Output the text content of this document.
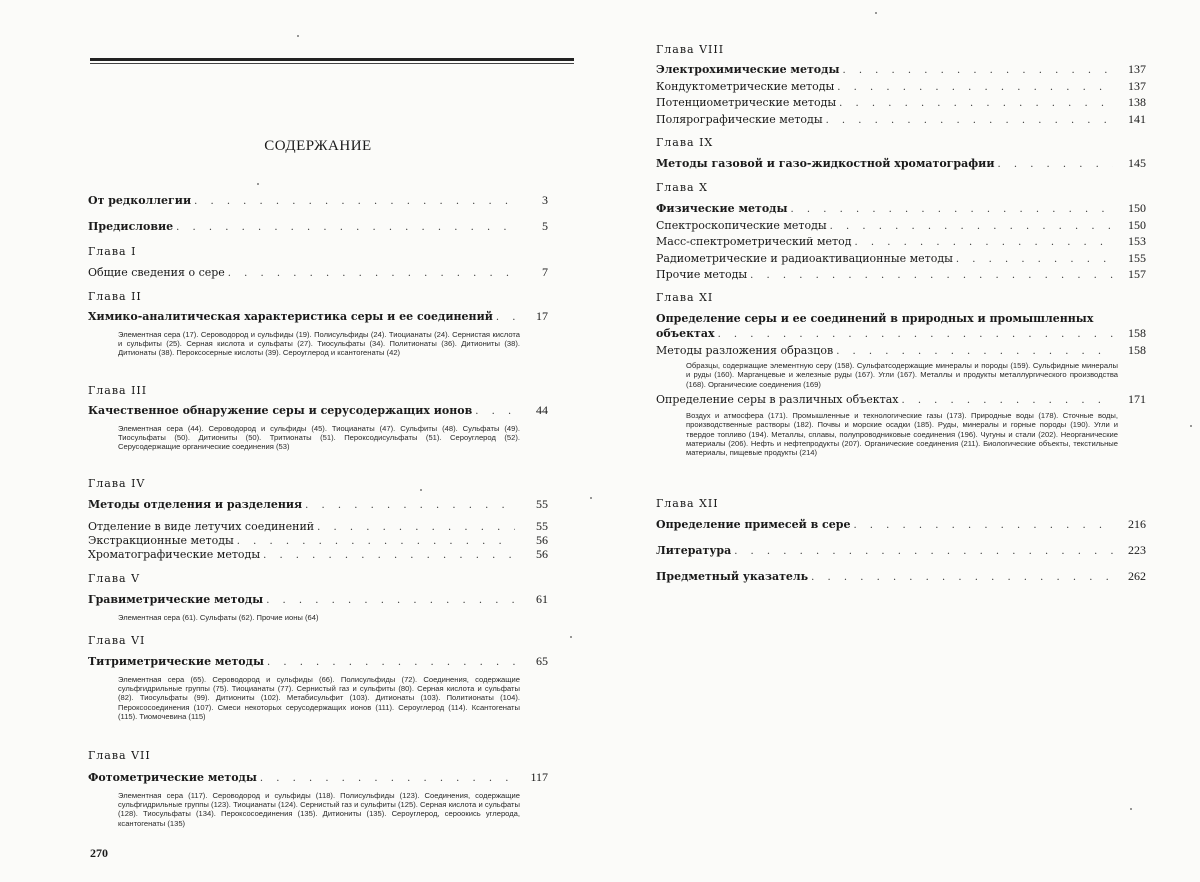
СОДЕРЖАНИЕ
От редколлегии . . .	3
Предисловие . . .	5
Глава I
Общие сведения о сере . . .	7
Глава II
Химико-аналитическая характеристика серы и ее соединений . . .	17
Элементная сера (17). Сероводород и сульфиды (19). Полисульфиды (24). Тиоцианаты (24). Сернистая кислота и сульфиты (25). Серная кислота и сульфаты (27). Тиосульфаты (34). Политионаты (36). Дитиониты (38). Дитионаты (38). Пероксосерные кислоты (39). Сероуглерод и ксантогенаты (42)
Глава III
Качественное обнаружение серы и серусодержащих ионов . . .	44
Элементная сера (44). Сероводород и сульфиды (45). Тиоцианаты (47). Сульфиты (48). Сульфаты (49). Тиосульфаты (50). Дитиониты (50). Тритионаты (51). Пероксодисульфаты (51). Сероуглерод (52). Серусодержащие органические соединения (53)
Глава IV
Методы отделения и разделения . . .	55
Отделение в виде летучих соединений . . .	55
Экстракционные методы . . .	56
Хроматографические методы . . .	56
Глава V
Гравиметрические методы . . .	61
Элементная сера (61). Сульфаты (62). Прочие ионы (64)
Глава VI
Титриметрические методы . . .	65
Элементная сера (65). Сероводород и сульфиды (66). Полисульфиды (72). Соединения, содержащие сульфгидрильные группы (75). Тиоцианаты (77). Сернистый газ и сульфиты (80). Серная кислота и сульфаты (82). Тиосульфаты (99). Дитиониты (102). Метабисульфит (103). Дитионаты (103). Политионаты (104). Пероксосоединения (107). Смеси некоторых серусодержащих ионов (111). Сероуглерод (114). Ксантогенаты (115). Тиомочевина (115)
Глава VII
Фотометрические методы . . .	117
Элементная сера (117). Сероводород и сульфиды (118). Полисульфиды (123). Соединения, содержащие сульфгидрильные группы (123). Тиоцианаты (124). Сернистый газ и сульфиты (125). Серная кислота и сульфаты (128). Тиосульфаты (134). Пероксосоединения (135). Дитиониты (135). Сероуглерод, сероокись углерода, ксантогенаты (135)
270
Глава VIII
Электрохимические методы . . .	137
Кондуктометрические методы . . .	137
Потенциометрические методы . . .	138
Полярографические методы . . .	141
Глава IX
Методы газовой и газо-жидкостной хроматографии . . .	145
Глава X
Физические методы . . .	150
Спектроскопические методы . . .	150
Масс-спектрометрический метод . . .	153
Радиометрические и радиоактивационные методы . . .	155
Прочие методы . . .	157
Глава XI
Определение серы и ее соединений в природных и промышленных
объектах . . .	158
Методы разложения образцов . . .	158
Образцы, содержащие элементную серу (158). Сульфатсодержащие минералы и породы (159). Сульфидные минералы и руды (160). Марганцевые и железные руды (167). Угли (167). Металлы и продукты металлургического производства (168). Органические соединения (169)
Определение серы в различных объектах . . .	171
Воздух и атмосфера (171). Промышленные и технологические газы (173). Природные воды (178). Сточные воды, производственные растворы (182). Почвы и морские осадки (185). Руды, минералы и горные породы (190). Угли и твердое топливо (194). Металлы, сплавы, полупроводниковые соединения (196). Чугуны и стали (202). Неорганические материалы (206). Нефть и нефтепродукты (207). Органические соединения (211). Биологические объекты, текстильные материалы, пищевые продукты (214)
Глава XII
Определение примесей в сере . . .	216
Литература . . .	223
Предметный указатель . . .	262
